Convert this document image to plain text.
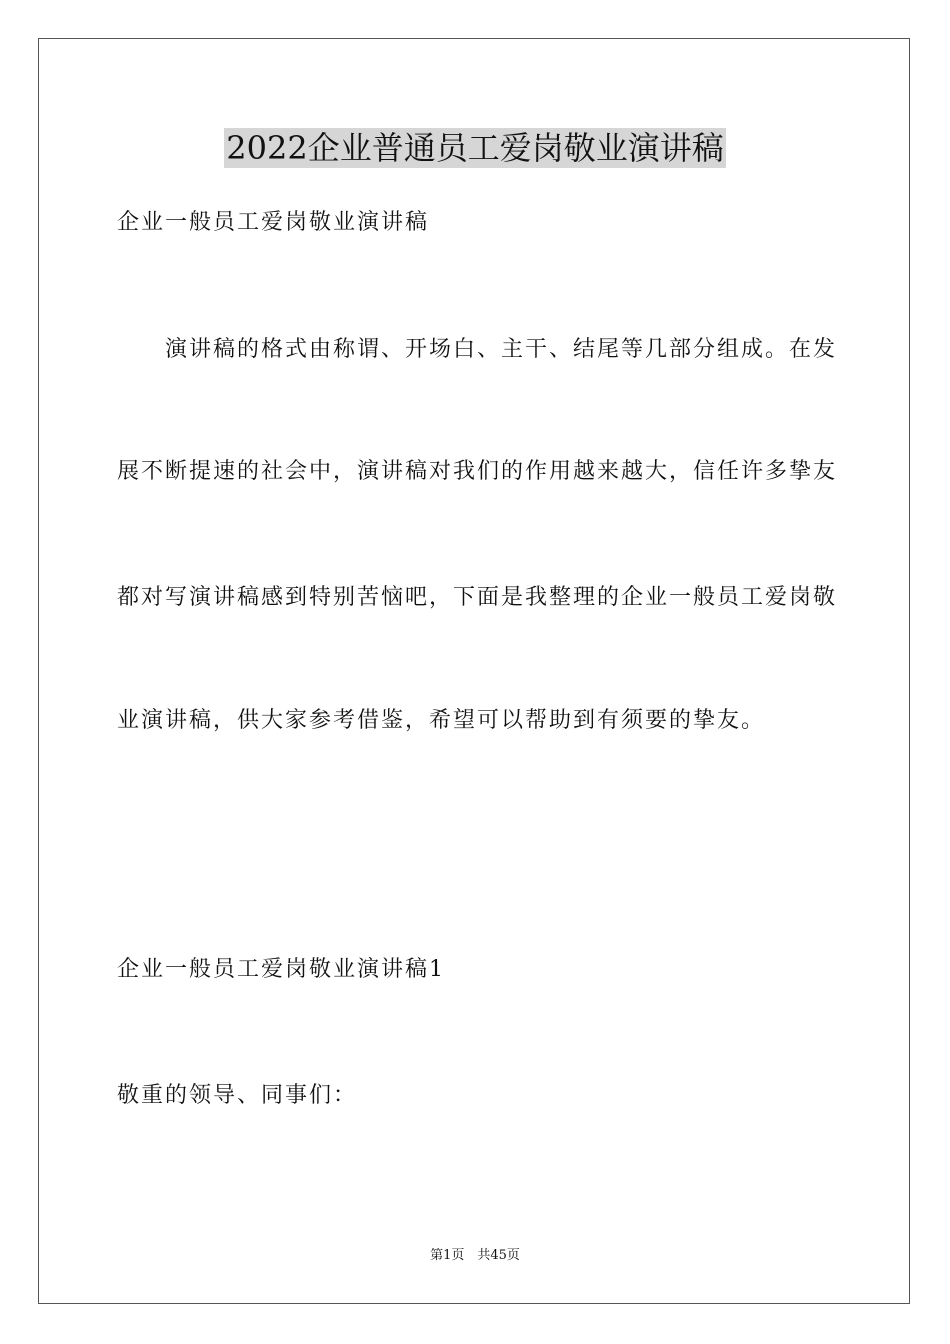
2022企业普通员工爱岗敬业演讲稿
企业一般员工爱岗敬业演讲稿
演讲稿的格式由称谓、开场白、主干、结尾等几部分组成。在发
展不断提速的社会中，演讲稿对我们的作用越来越大，信任许多挚友
都对写演讲稿感到特别苦恼吧，下面是我整理的企业一般员工爱岗敬
业演讲稿，供大家参考借鉴，希望可以帮助到有须要的挚友。
企业一般员工爱岗敬业演讲稿1
敬重的领导、同事们：
第1页　共45页
